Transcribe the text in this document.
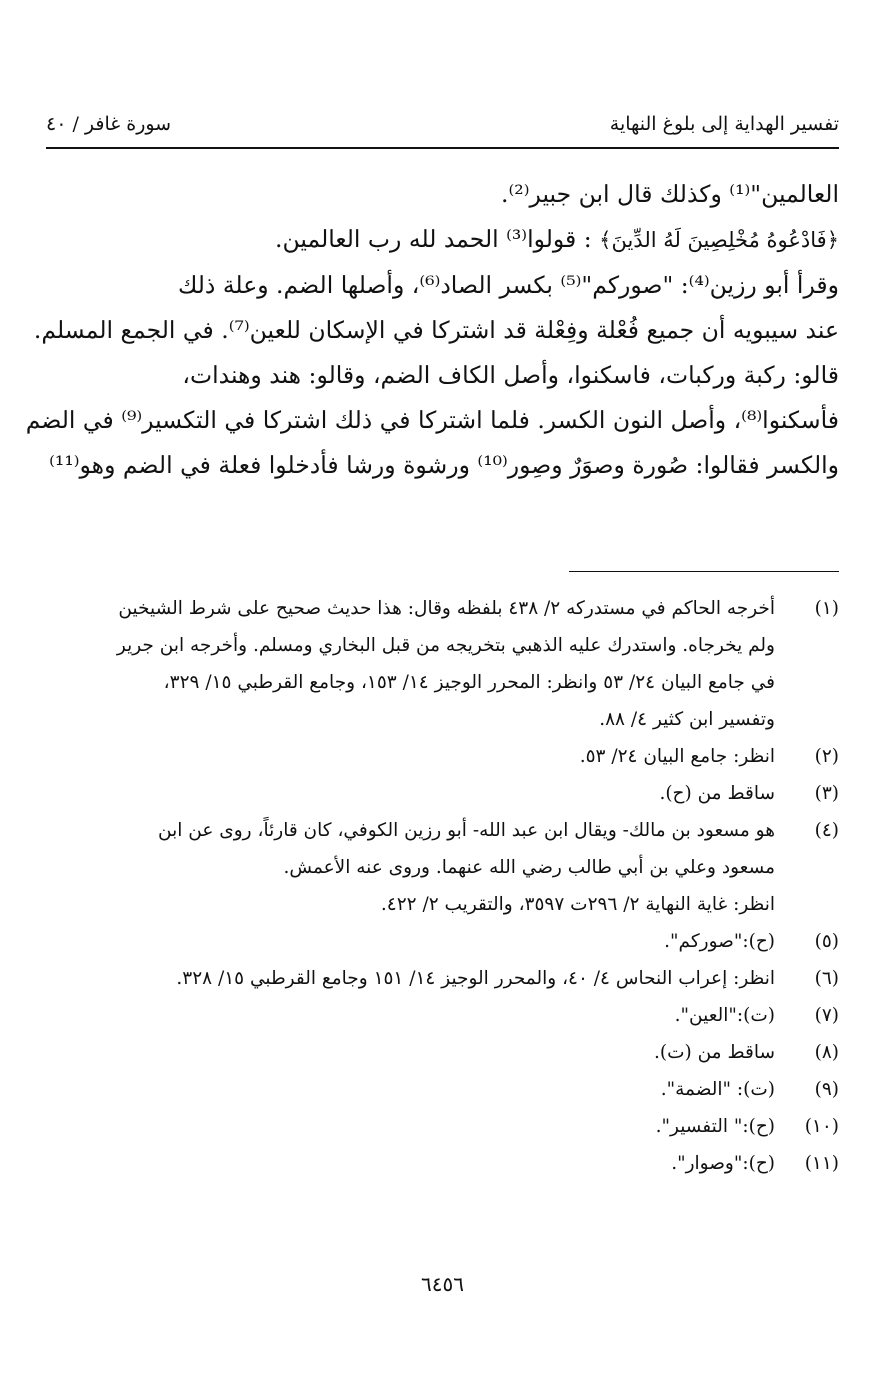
تفسير الهداية إلى بلوغ النهاية
سورة غافر / ٤٠
العالمين"⁽¹⁾ وكذلك قال ابن جبير⁽²⁾.
﴿فَادْعُوهُ مُخْلِصِينَ لَهُ الدِّينَ﴾ : قولوا⁽³⁾ الحمد لله رب العالمين.
وقرأ أبو رزين⁽⁴⁾: "صوركم"⁽⁵⁾ بكسر الصاد⁽⁶⁾، وأصلها الضم. وعلة ذلك
عند سيبويه أن جميع فُعْلة وفِعْلة قد اشتركا في الإسكان للعين⁽⁷⁾. في الجمع المسلم.
قالو: ركبة وركبات، فاسكنوا، وأصل الكاف الضم، وقالو: هند وهندات،
فأسكنوا⁽⁸⁾، وأصل النون الكسر. فلما اشتركا في ذلك اشتركا في التكسير⁽⁹⁾ في الضم
والكسر فقالوا: صُورة وصوَرٌ وصِور⁽¹⁰⁾ ورشوة ورشا فأدخلوا فعلة في الضم وهو⁽¹¹⁾
(١)
أخرجه الحاكم في مستدركه ٢/ ٤٣٨ بلفظه وقال: هذا حديث صحيح على شرط الشيخين
ولم يخرجاه. واستدرك عليه الذهبي بتخريجه من قبل البخاري ومسلم. وأخرجه ابن جرير
في جامع البيان ٢٤/ ٥٣ وانظر: المحرر الوجيز ١٤/ ١٥٣، وجامع القرطبي ١٥/ ٣٢٩،
وتفسير ابن كثير ٤/ ٨٨.
(٢)
انظر: جامع البيان ٢٤/ ٥٣.
(٣)
ساقط من (ح).
(٤)
هو مسعود بن مالك- ويقال ابن عبد الله- أبو رزين الكوفي، كان قارئاً، روى عن ابن
مسعود وعلي بن أبي طالب رضي الله عنهما. وروى عنه الأعمش.
انظر: غاية النهاية ٢/ ٢٩٦ت ٣٥٩٧، والتقريب ٢/ ٤٢٢.
(٥)
(ح):"صوركم".
(٦)
انظر: إعراب النحاس ٤/ ٤٠، والمحرر الوجيز ١٤/ ١٥١ وجامع القرطبي ١٥/ ٣٢٨.
(٧)
(ت):"العين".
(٨)
ساقط من (ت).
(٩)
(ت): "الضمة".
(١٠)
(ح):" التفسير".
(١١)
(ح):"وصوار".
٦٤٥٦
